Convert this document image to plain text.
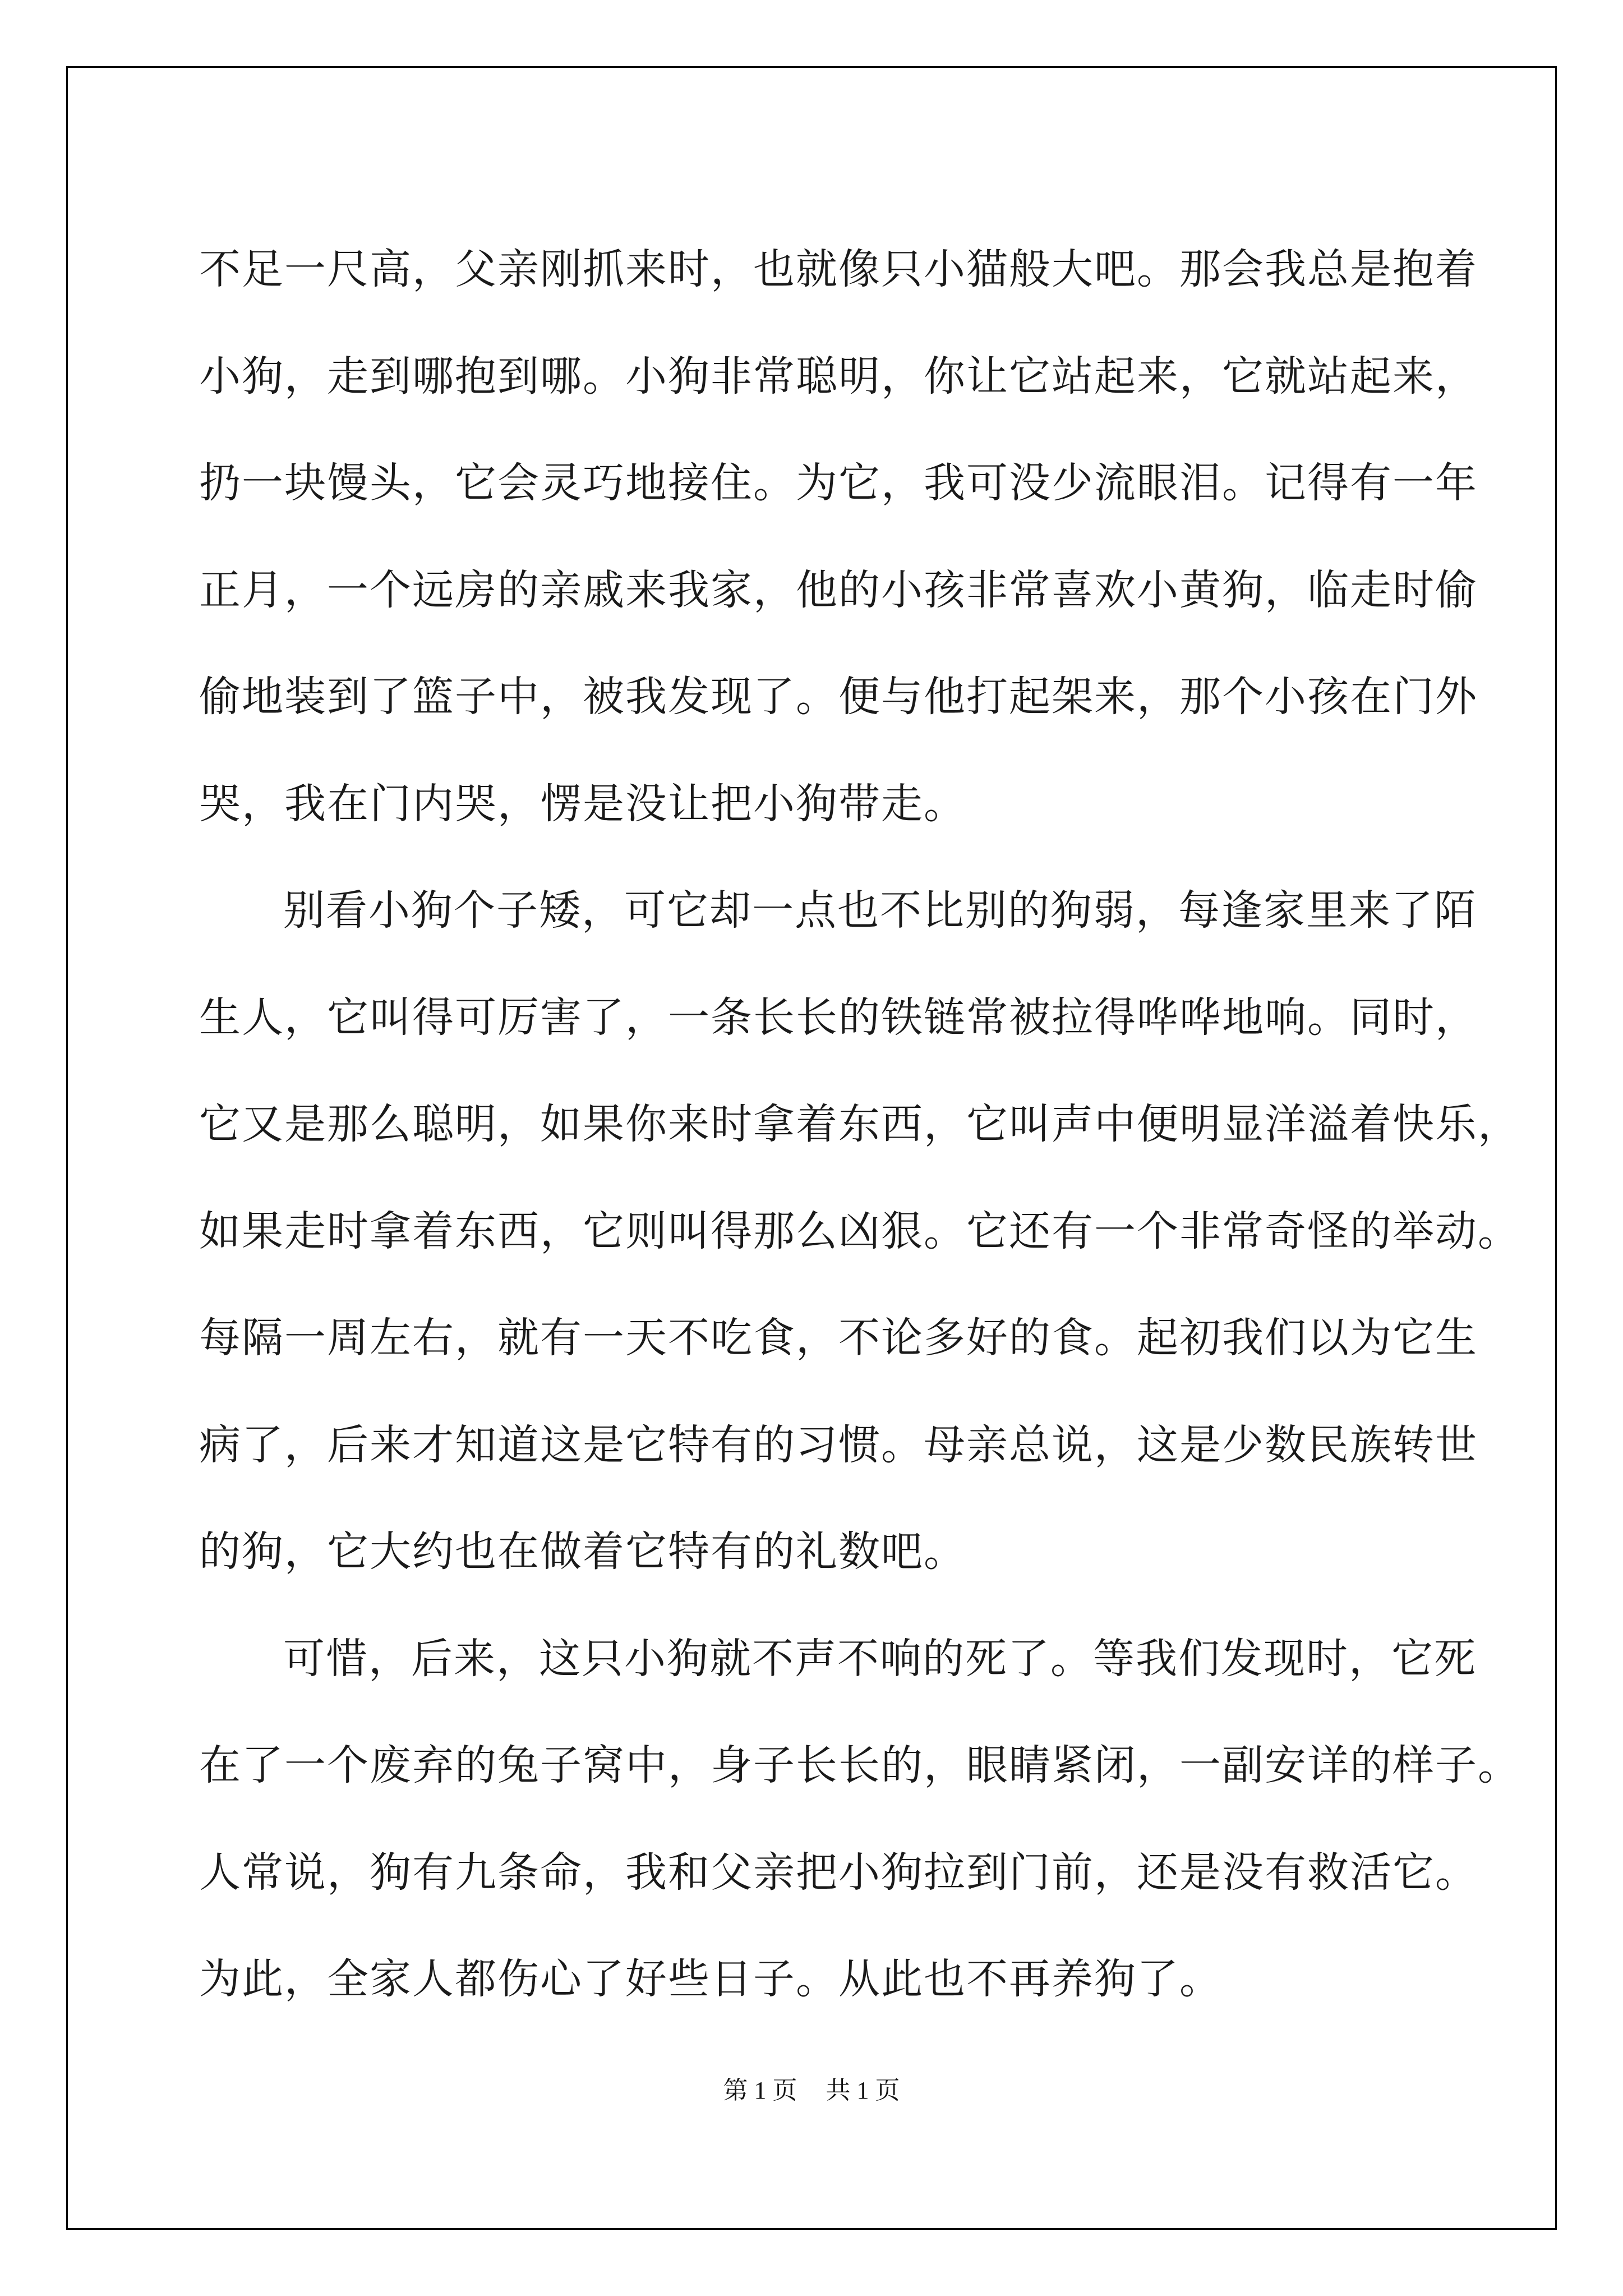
不足一尺高，父亲刚抓来时，也就像只小猫般大吧。那会我总是抱着
小狗，走到哪抱到哪。小狗非常聪明，你让它站起来，它就站起来，
扔一块馒头，它会灵巧地接住。为它，我可没少流眼泪。记得有一年
正月，一个远房的亲戚来我家，他的小孩非常喜欢小黄狗，临走时偷
偷地装到了篮子中，被我发现了。便与他打起架来，那个小孩在门外
哭，我在门内哭，愣是没让把小狗带走。
别看小狗个子矮，可它却一点也不比别的狗弱，每逢家里来了陌
生人，它叫得可厉害了，一条长长的铁链常被拉得哗哗地响。同时，
它又是那么聪明，如果你来时拿着东西，它叫声中便明显洋溢着快乐，
如果走时拿着东西，它则叫得那么凶狠。它还有一个非常奇怪的举动。
每隔一周左右，就有一天不吃食，不论多好的食。起初我们以为它生
病了，后来才知道这是它特有的习惯。母亲总说，这是少数民族转世
的狗，它大约也在做着它特有的礼数吧。
可惜，后来，这只小狗就不声不响的死了。等我们发现时，它死
在了一个废弃的兔子窝中，身子长长的，眼睛紧闭，一副安详的样子。
人常说，狗有九条命，我和父亲把小狗拉到门前，还是没有救活它。
为此，全家人都伤心了好些日子。从此也不再养狗了。
第 1 页 共 1 页
